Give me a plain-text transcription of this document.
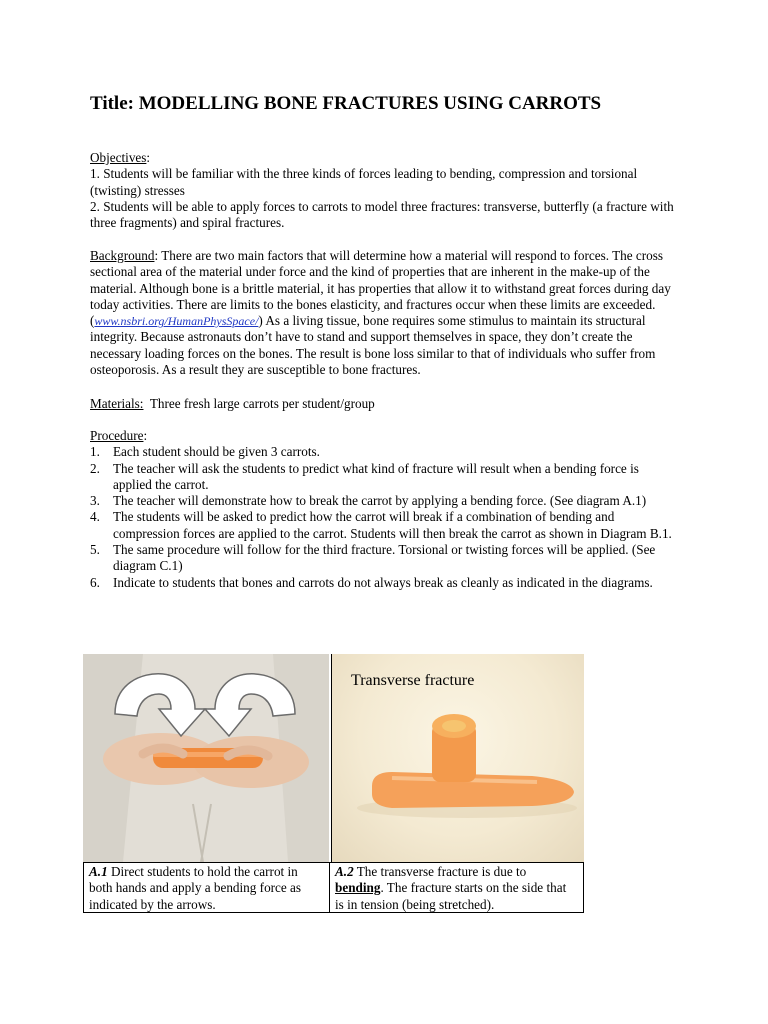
Title: MODELLING BONE FRACTURES USING CARROTS
Objectives:
1. Students will be familiar with the three kinds of forces leading to bending, compression and torsional (twisting) stresses
2. Students will be able to apply forces to carrots to model three fractures: transverse, butterfly (a fracture with three fragments) and spiral fractures.
Background: There are two main factors that will determine how a material will respond to forces. The cross sectional area of the material under force and the kind of properties that are inherent in the make-up of the material. Although bone is a brittle material, it has properties that allow it to withstand great forces during day today activities. There are limits to the bones elasticity, and fractures occur when these limits are exceeded. (www.nsbri.org/HumanPhysSpace/) As a living tissue, bone requires some stimulus to maintain its structural integrity. Because astronauts don’t have to stand and support themselves in space, they don’t create the necessary loading forces on the bones. The result is bone loss similar to that of individuals who suffer from osteoporosis. As a result they are susceptible to bone fractures.
Materials:  Three fresh large carrots per student/group
Procedure:
1. Each student should be given 3 carrots.
2. The teacher will ask the students to predict what kind of fracture will result when a bending force is applied the carrot.
3. The teacher will demonstrate how to break the carrot by applying a bending force. (See diagram A.1)
4. The students will be asked to predict how the carrot will break if a combination of bending and compression forces are applied to the carrot. Students will then break the carrot as shown in Diagram B.1.
5. The same procedure will follow for the third fracture. Torsional or twisting forces will be applied. (See diagram C.1)
6. Indicate to students that bones and carrots do not always break as cleanly as indicated in the diagrams.
Transverse fracture
A.1 Direct students to hold the carrot in both hands and apply a bending force as indicated by the arrows.
A.2 The transverse fracture is due to bending. The fracture starts on the side that is in tension (being stretched).
